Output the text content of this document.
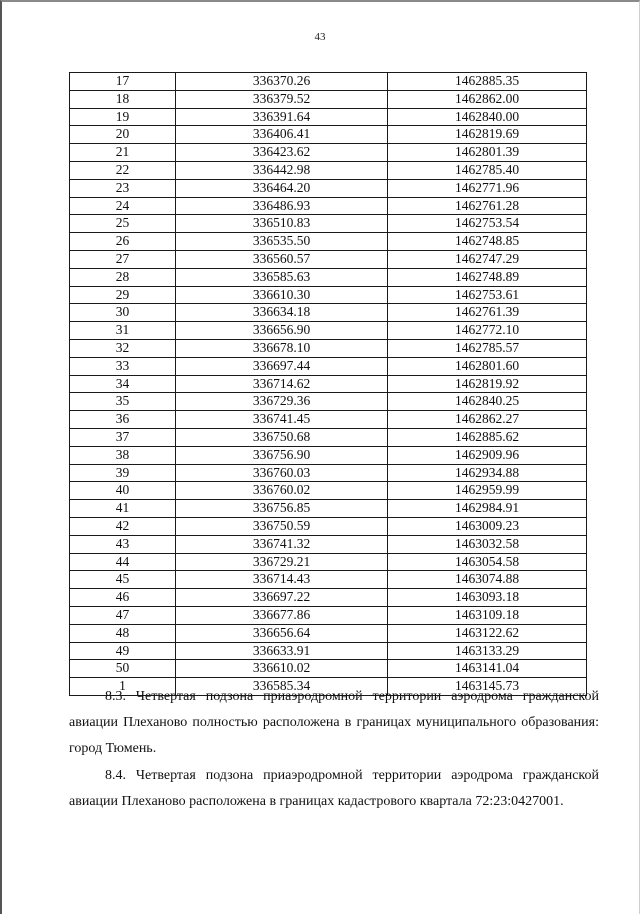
43
17	336370.26	1462885.35
18	336379.52	1462862.00
19	336391.64	1462840.00
20	336406.41	1462819.69
21	336423.62	1462801.39
22	336442.98	1462785.40
23	336464.20	1462771.96
24	336486.93	1462761.28
25	336510.83	1462753.54
26	336535.50	1462748.85
27	336560.57	1462747.29
28	336585.63	1462748.89
29	336610.30	1462753.61
30	336634.18	1462761.39
31	336656.90	1462772.10
32	336678.10	1462785.57
33	336697.44	1462801.60
34	336714.62	1462819.92
35	336729.36	1462840.25
36	336741.45	1462862.27
37	336750.68	1462885.62
38	336756.90	1462909.96
39	336760.03	1462934.88
40	336760.02	1462959.99
41	336756.85	1462984.91
42	336750.59	1463009.23
43	336741.32	1463032.58
44	336729.21	1463054.58
45	336714.43	1463074.88
46	336697.22	1463093.18
47	336677.86	1463109.18
48	336656.64	1463122.62
49	336633.91	1463133.29
50	336610.02	1463141.04
1	336585.34	1463145.73

8.3. Четвертая подзона приаэродромной территории аэродрома гражданской авиации Плеханово полностью расположена в границах муниципального образования: город Тюмень.

8.4. Четвертая подзона приаэродромной территории аэродрома гражданской авиации Плеханово расположена в границах кадастрового квартала 72:23:0427001.
